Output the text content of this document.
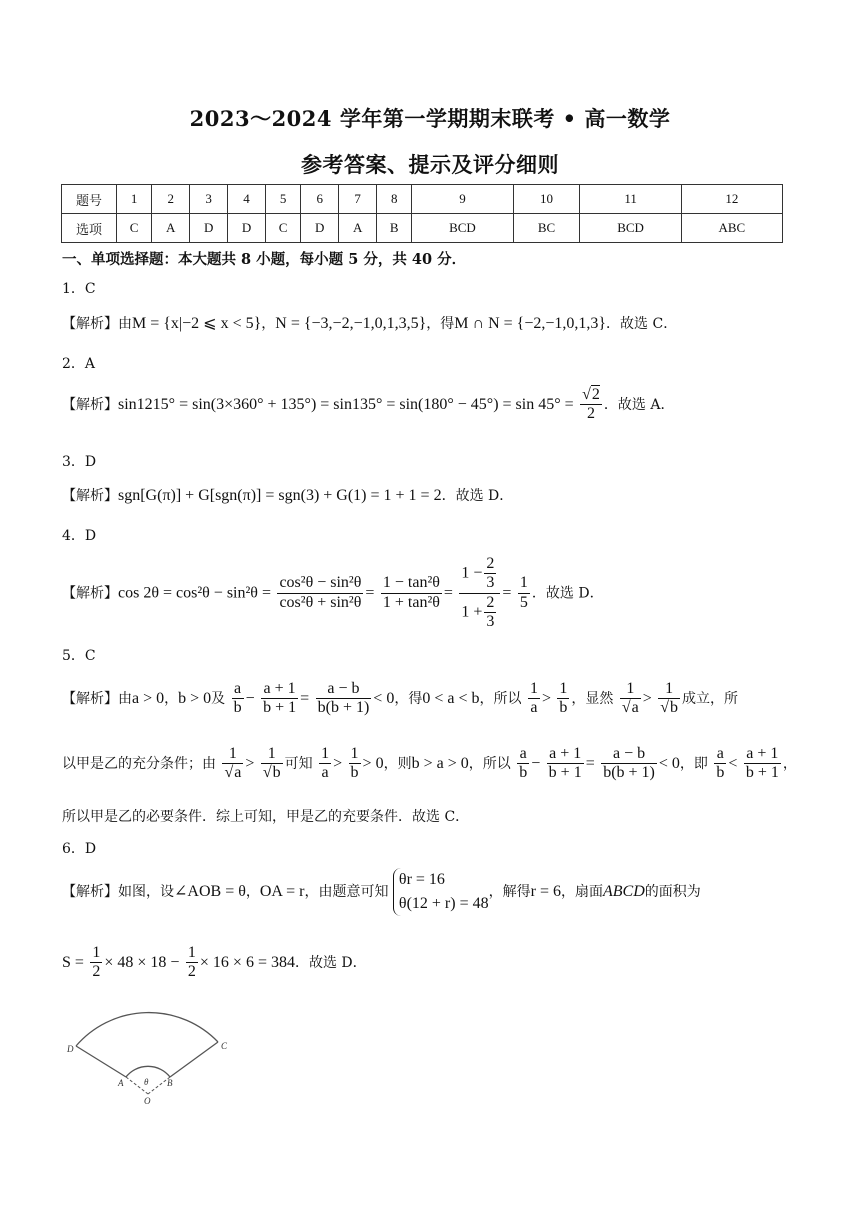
2023～2024 学年第一学期期末联考 • 高一数学
参考答案、提示及评分细则
题号	1	2	3	4	5	6	7	8	9	10	11	12
选项	C	A	D	D	C	D	A	B	BCD	BC	BCD	ABC
一、单项选择题：本大题共 8 小题，每小题 5 分，共 40 分．
1．C
【解析】由M = {x|−2 ⩽ x < 5}，N = {−3,−2,−1,0,1,3,5}，得M ∩ N = {−2,−1,0,1,3}．故选 C．
2．A
【解析】$\sin 1215^\circ = \sin(3\times 360^\circ + 135^\circ) = \sin 135^\circ = \sin(180^\circ - 45^\circ) = \sin 45^\circ = \frac{√2}{2}$ ．故选 A．
3．D
【解析】sgn[G(π)] + G[sgn(π)] = sgn(3) + G(1) = 1 + 1 = 2．故选 D．
4．D
【解析】$\cos 2\theta = \cos^2\theta - \sin^2\theta = \frac{\text{cos²θ − sin²θ}}{\text{cos²θ + sin²θ}} = \frac{\text{1 − tan²θ}}{\text{1 + tan²θ}} = \frac{1 - \frac{2}{3}}{1 + \frac{2}{3}} = \frac{1}{5}$ ．故选 D．
5．C
【解析】由a > 0，b > 0及 $\frac{a}{b} - \frac{a + 1}{b + 1} = \frac{a - b}{b(b + 1)} < 0$，得0 < a < b，所以 $\frac{1}{a} > \frac{1}{b}$ ，显然 $\frac{1}{√a} > \frac{1}{√b}$ 成立，所
以甲是乙的充分条件；由 $\frac{1}{√a} > \frac{1}{√b}$ 可知 $\frac{1}{a} > \frac{1}{b} > 0$，则b > a > 0，所以 $\frac{a}{b} - \frac{a + 1}{b + 1} = \frac{a - b}{b(b + 1)} < 0$，即 $\frac{a}{b} < \frac{a + 1}{b + 1}$ ，
所以甲是乙的必要条件．综上可知，甲是乙的充要条件．故选 C．
6．D
【解析】如图，设∠AOB = θ，OA = r，由题意可知
θr = 16
θ(12 + r) = 48
，解得r = 6，扇面ABCD的面积为
$S = \frac{1}{2} \times 48 \times 18 - \frac{1}{2} \times 16 \times 6 = 384$．故选 D．
D	C
A	B
θ
O
